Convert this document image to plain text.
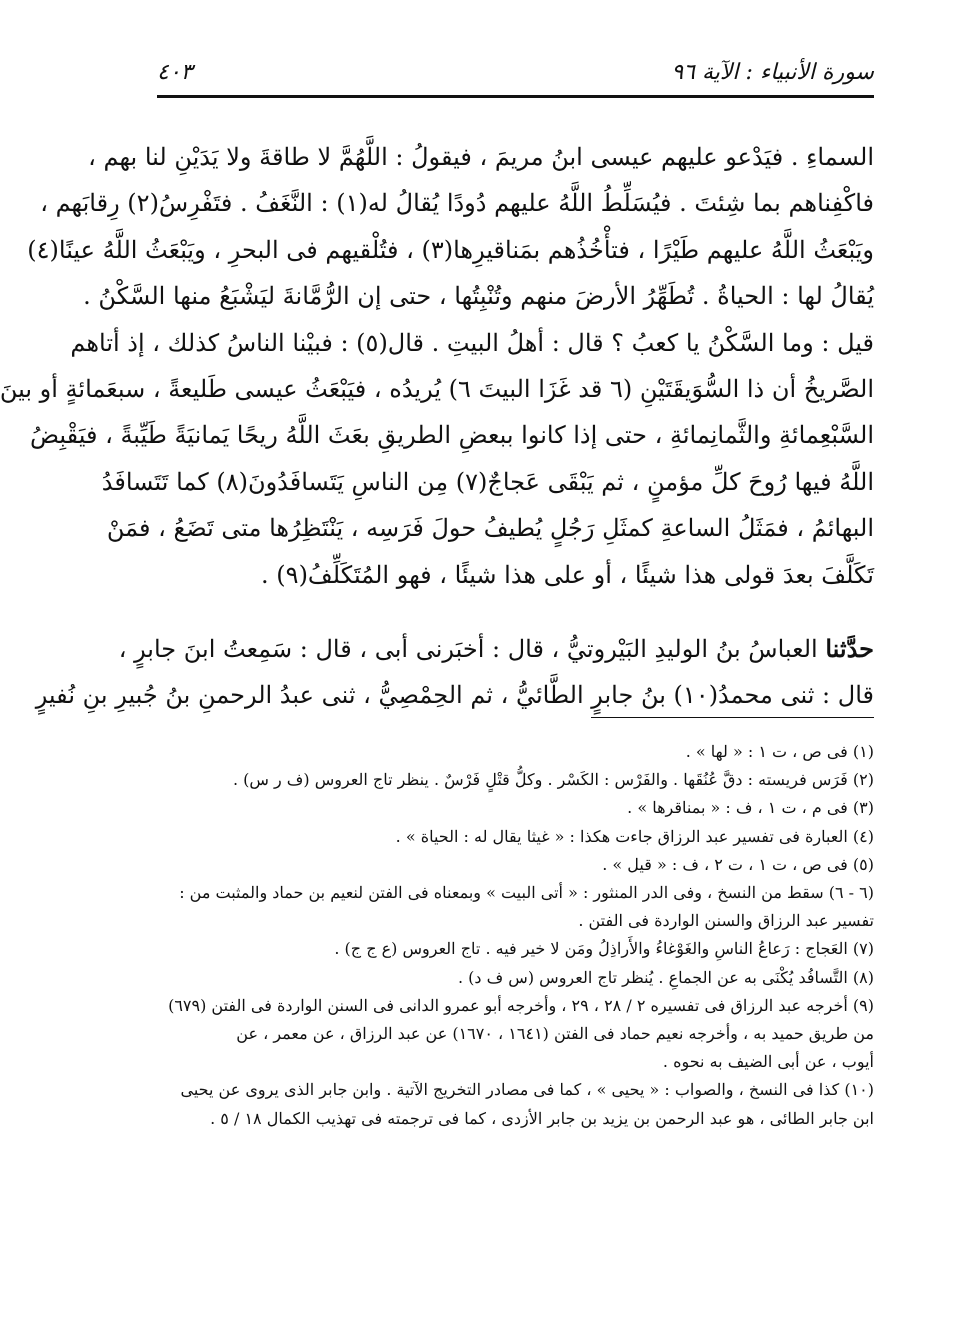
سورة الأنبياء : الآية ٩٦
٤٠٣

السماءِ . فيَدْعو عليهم عيسى ابنُ مريمَ ، فيقولُ : اللَّهُمَّ لا طاقةَ ولا يَدَيْنِ لنا بهم ،
فاكْفِناهم بما شِئتَ . فيُسَلِّطُ اللَّهُ عليهم دُودًا يُقالُ له(١) : النَّغَفُ . فتَفْرِسُ(٢) رِقابَهم ،
ويَبْعَثُ اللَّهُ عليهم طَيْرًا ، فتأْخُذُهم بمَناقيرِها(٣) ، فتُلْقيهم فى البحرِ ، ويَبْعَثُ اللَّهُ عينًا(٤)
يُقالُ لها : الحياةُ . تُطَهِّرُ الأرضَ منهم وتُنْبِتُها ، حتى إن الرُّمَّانةَ ليَشْبَعُ منها السَّكْنُ .
قيل : وما السَّكْنُ يا كعبُ ؟ قال : أهلُ البيتِ . قال(٥) : فبيْنا الناسُ كذلك ، إذ أتاهم
الصَّريخُ أن ذا السُّوَيقَتَيْنِ (٦ قد غَزَا البيتَ ٦) يُريدُه ، فيَبْعَثُ عيسى طَليعةً ، سبعَمائةٍ أو بينَ
السَّبْعِمائةِ والثَّمانِمائةِ ، حتى إذا كانوا ببعضِ الطريقِ بعَثَ اللَّهُ ريحًا يَمانيَةً طَيِّبةً ، فيَقْبِضُ
اللَّهُ فيها رُوحَ كلِّ مؤمنٍ ، ثم يَبْقَى عَجاجٌ(٧) مِن الناسِ يَتَسافَدُونَ(٨) كما تَتَسافَدُ
البهائمُ ، فمَثَلُ الساعةِ كمثَلِ رَجُلٍ يُطيفُ حولَ فَرَسِه ، يَنْتَظِرُها متى تَضَعُ ، فمَنْ
تَكَلَّفَ بعدَ قولى هذا شيئًا ، أو على هذا شيئًا ، فهو المُتَكَلِّفُ(٩) .

حدَّثنا العباسُ بنُ الوليدِ البَيْروتيُّ ، قال : أخبَرنى أبى ، قال : سَمِعتُ ابنَ جابرٍ ،
قال : ثنى محمدُ(١٠) بنُ جابرٍ الطَّائيُّ ، ثم الحِمْصِيُّ ، ثنى عبدُ الرحمنِ بنُ جُبيرِ بنِ نُفيرٍ

(١) فى ص ، ت ١ : « لها » .

(٢) فَرَس فريسته : دقَّ عُنُقَها . والفَرْس : الكَسْر . وكلُّ قتْلٍ فَرْسٌ . ينظر تاج العروس (ف ر س) .

(٣) فى م ، ت ١ ، ف : « بمناقرها » .

(٤) العبارة فى تفسير عبد الرزاق جاءت هكذا : « غيثا يقال له : الحياة » .

(٥) فى ص ، ت ١ ، ت ٢ ، ف : « قيل » .

(٦ - ٦) سقط من النسخ ، وفى الدر المنثور : « أتى البيت » وبمعناه فى الفتن لنعيم بن حماد والمثبت من :
تفسير عبد الرزاق والسنن الواردة فى الفتن .

(٧) العَجاج : رَعاعُ الناسِ والغَوْغاءُ والأَراذِلُ ومَن لا خير فيه . تاج العروس (ع ج ج) .

(٨) التَّسافُد يُكْنَى به عن الجماعِ . يُنظر تاج العروس (س ف د) .

(٩) أخرجه عبد الرزاق فى تفسيره ٢ / ٢٨ ، ٢٩ ، وأخرجه أبو عمرو الدانى فى السنن الواردة فى الفتن (٦٧٩)
من طريق حميد به ، وأخرجه نعيم حماد فى الفتن (١٦٤١ ، ١٦٧٠) عن عبد الرزاق ، عن معمر ، عن
أيوب ، عن أبى الضيف به نحوه .

(١٠) كذا فى النسخ ، والصواب : « يحيى » ، كما فى مصادر التخريج الآتية . وابن جابر الذى يروى عن يحيى
ابن جابر الطائى ، هو عبد الرحمن بن يزيد بن جابر الأزدى ، كما فى ترجمته فى تهذيب الكمال ١٨ / ٥ .
